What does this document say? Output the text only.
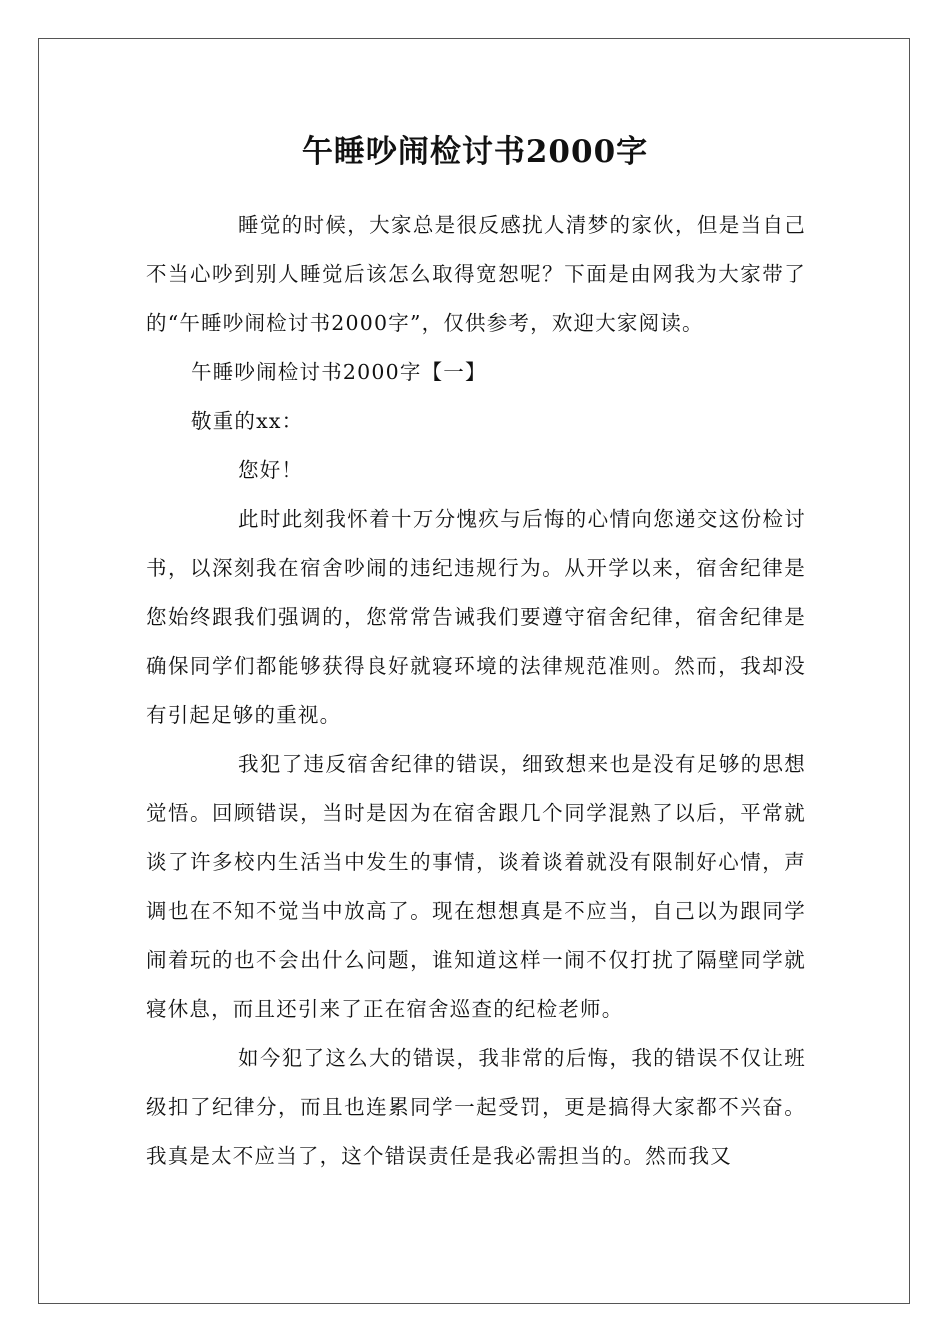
午睡吵闹检讨书2000字

睡觉的时候，大家总是很反感扰人清梦的家伙，但是当自己不当心吵到别人睡觉后该怎么取得宽恕呢？下面是由网我为大家带了的“午睡吵闹检讨书2000字”，仅供参考，欢迎大家阅读。

午睡吵闹检讨书2000字【一】

敬重的xx：

您好！

此时此刻我怀着十万分愧疚与后悔的心情向您递交这份检讨书，以深刻我在宿舍吵闹的违纪违规行为。从开学以来，宿舍纪律是您始终跟我们强调的，您常常告诫我们要遵守宿舍纪律，宿舍纪律是确保同学们都能够获得良好就寝环境的法律规范准则。然而，我却没有引起足够的重视。

我犯了违反宿舍纪律的错误，细致想来也是没有足够的思想觉悟。回顾错误，当时是因为在宿舍跟几个同学混熟了以后，平常就谈了许多校内生活当中发生的事情，谈着谈着就没有限制好心情，声调也在不知不觉当中放高了。现在想想真是不应当，自己以为跟同学闹着玩的也不会出什么问题，谁知道这样一闹不仅打扰了隔壁同学就寝休息，而且还引来了正在宿舍巡查的纪检老师。

如今犯了这么大的错误，我非常的后悔，我的错误不仅让班级扣了纪律分，而且也连累同学一起受罚，更是搞得大家都不兴奋。我真是太不应当了，这个错误责任是我必需担当的。然而我又
